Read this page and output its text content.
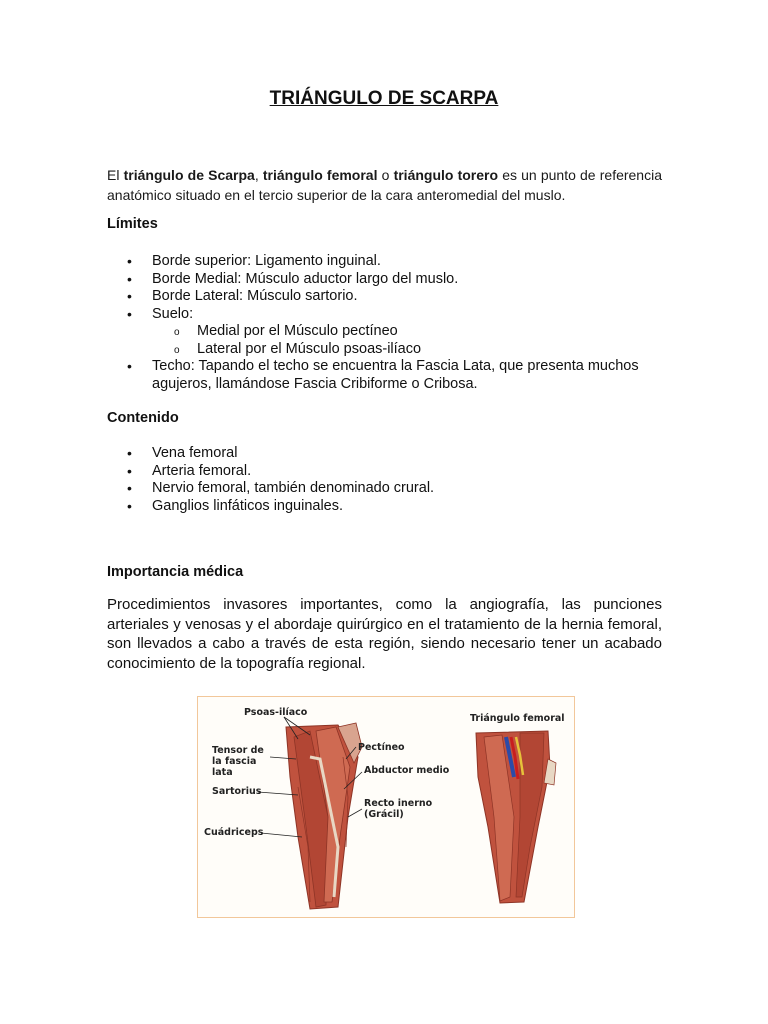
TRIÁNGULO DE SCARPA

El triángulo de Scarpa, triángulo femoral o triángulo torero es un punto de referencia anatómico situado en el tercio superior de la cara anteromedial del muslo.

Límites
• Borde superior: Ligamento inguinal.
• Borde Medial: Músculo aductor largo del muslo.
• Borde Lateral: Músculo sartorio.
• Suelo:
o Medial por el Músculo pectíneo
o Lateral por el Músculo psoas-ilíaco
• Techo: Tapando el techo se encuentra la Fascia Lata, que presenta muchos agujeros, llamándose Fascia Cribiforme o Cribosa.
Contenido
• Vena femoral
• Arteria femoral.
• Nervio femoral, también denominado crural.
• Ganglios linfáticos inguinales.
Importancia médica

Procedimientos invasores importantes, como la angiografía, las punciones arteriales y venosas y el abordaje quirúrgico en el tratamiento de la hernia femoral, son llevados a cabo a través de esta región, siendo necesario tener un acabado conocimiento de la topografía regional.

Psoas-ilíaco
Tensor de la fascia lata
Sartorius
Cuádriceps
Pectíneo
Abductor medio
Recto inerno (Grácil)
Triángulo femoral
